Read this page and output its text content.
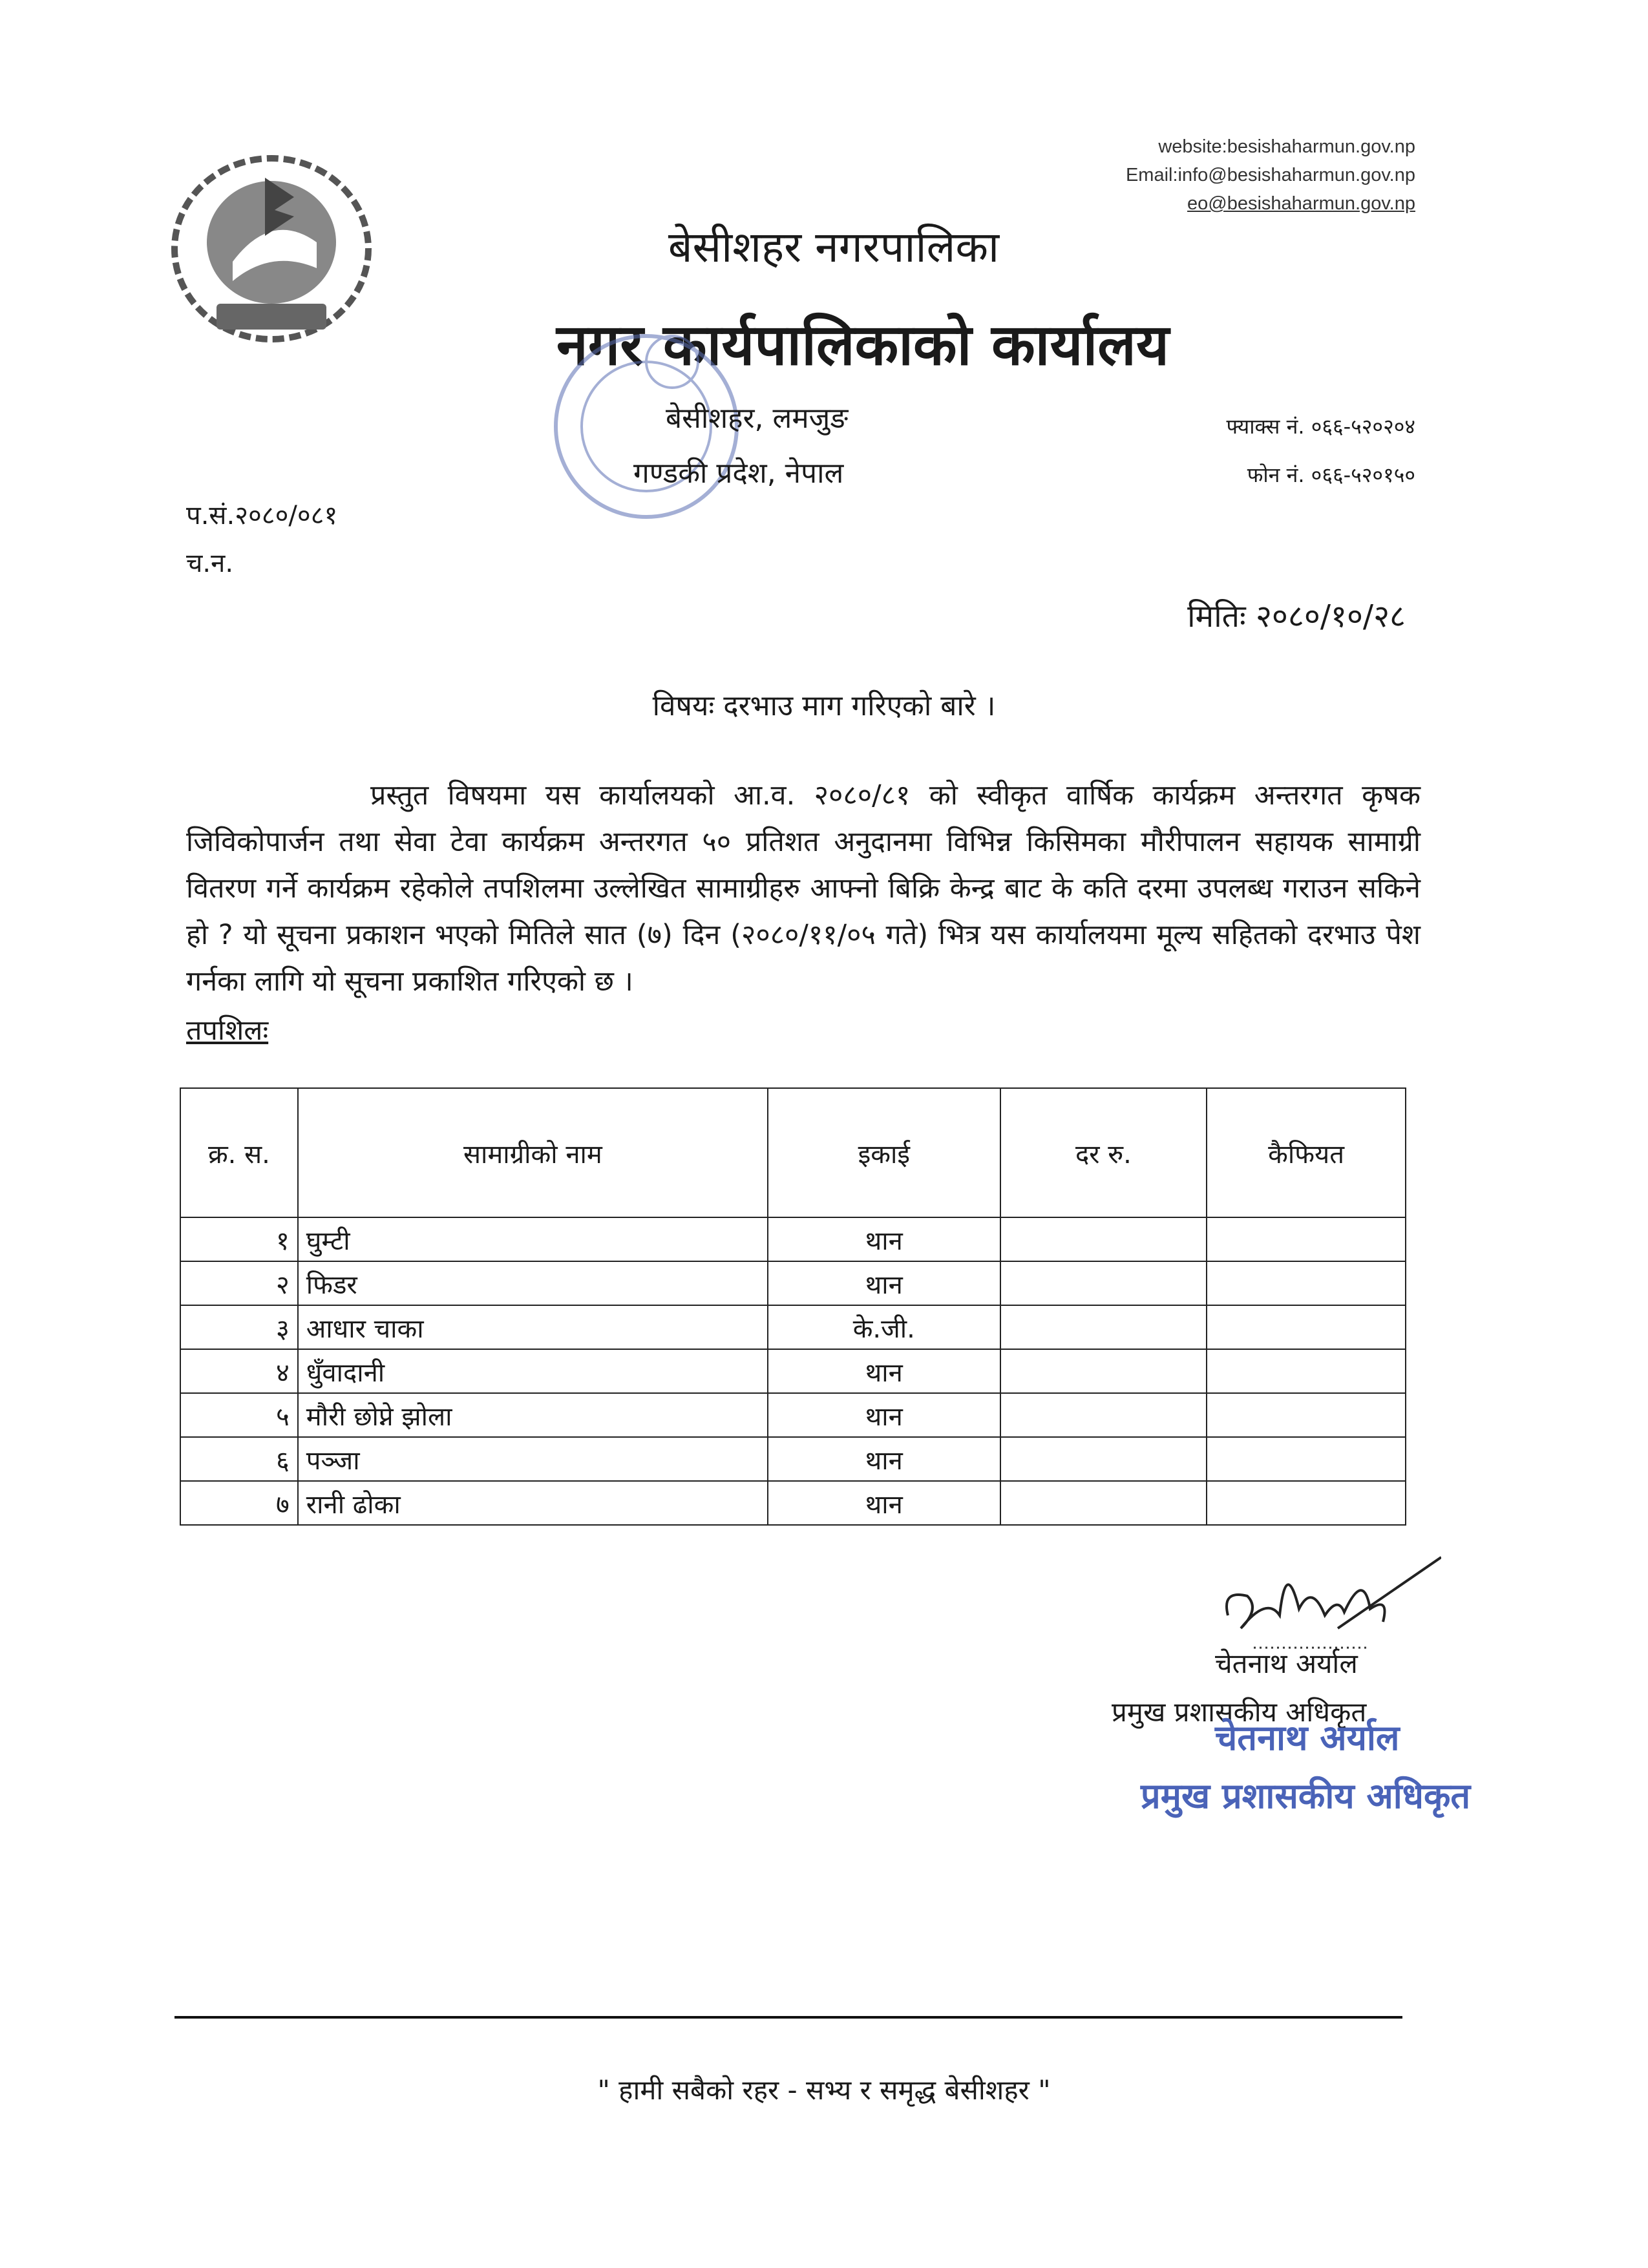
website:besishaharmun.gov.np
Email:info@besishaharmun.gov.np
eo@besishaharmun.gov.np
बेसीशहर नगरपालिका
नगर कार्यपालिकाको कार्यालय
बेसीशहर, लमजुङ
गण्डकी प्रदेश, नेपाल
फ्याक्स नं. ०६६-५२०२०४
फोन नं. ०६६-५२०१५०
प.सं.२०८०/०८१
च.न.
मितिः २०८०/१०/२८
विषयः दरभाउ माग गरिएको बारे ।
प्रस्तुत विषयमा यस कार्यालयको आ.व. २०८०/८१ को स्वीकृत वार्षिक कार्यक्रम अन्तरगत कृषक जिविकोपार्जन तथा सेवा टेवा कार्यक्रम अन्तरगत ५० प्रतिशत अनुदानमा विभिन्न किसिमका मौरीपालन सहायक सामाग्री वितरण गर्ने कार्यक्रम रहेकोले तपशिलमा उल्लेखित सामाग्रीहरु आफ्नो बिक्रि केन्द्र बाट के कति दरमा उपलब्ध गराउन सकिने हो ? यो सूचना प्रकाशन भएको मितिले सात (७) दिन (२०८०/११/०५ गते) भित्र यस कार्यालयमा मूल्य सहितको दरभाउ पेश गर्नका लागि यो सूचना प्रकाशित गरिएको छ ।
तपशिलः
क्र. स.	सामाग्रीको नाम	इकाई	दर रु.	कैफियत
१	घुम्टी	थान		
२	फिडर	थान		
३	आधार चाका	के.जी.		
४	धुँवादानी	थान		
५	मौरी छोप्ने झोला	थान		
६	पञ्जा	थान		
७	रानी ढोका	थान		
चेतनाथ अर्याल
प्रमुख प्रशासकीय अधिकृत
चेतनाथ अर्याल
प्रमुख प्रशासकीय अधिकृत
" हामी सबैको रहर - सभ्य र समृद्ध बेसीशहर "
